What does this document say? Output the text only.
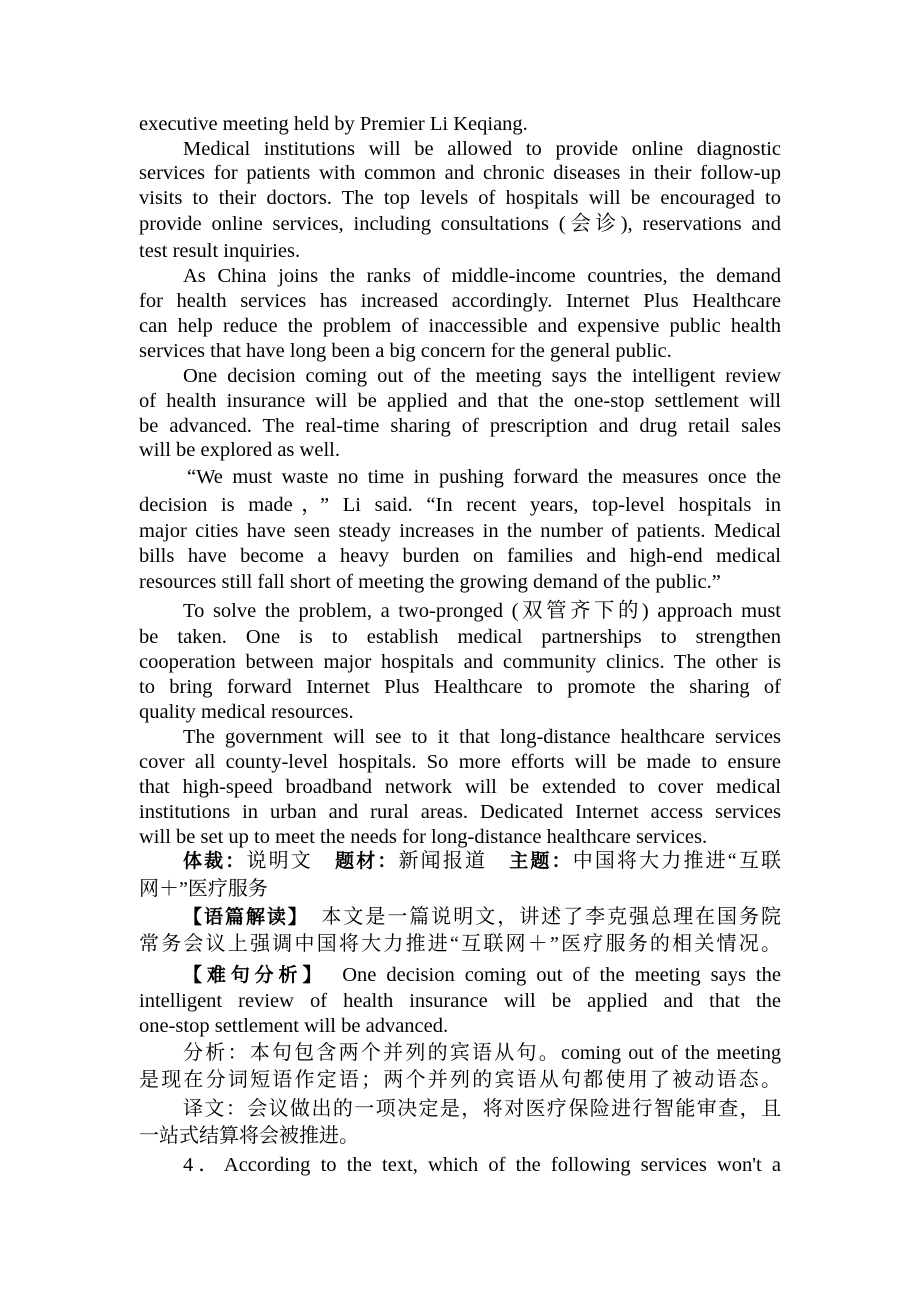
executive meeting held by Premier Li Keqiang.
Medical institutions will be allowed to provide online diagnostic
services for patients with common and chronic diseases in their follow-up
visits to their doctors. The top levels of hospitals will be encouraged to
provide online services, including consultations (会诊), reservations and
test result inquiries.
As China joins the ranks of middle-income countries, the demand
for health services has increased accordingly. Internet Plus Healthcare
can help reduce the problem of inaccessible and expensive public health
services that have long been a big concern for the general public.
One decision coming out of the meeting says the intelligent review
of health insurance will be applied and that the one-stop settlement will
be advanced. The real-time sharing of prescription and drug retail sales
will be explored as well.
“We must waste no time in pushing forward the measures once the
decision is made，” Li said. “In recent years, top-level hospitals in
major cities have seen steady increases in the number of patients. Medical
bills have become a heavy burden on families and high-end medical
resources still fall short of meeting the growing demand of the public.”
To solve the problem, a two-pronged (双管齐下的) approach must
be taken. One is to establish medical partnerships to strengthen
cooperation between major hospitals and community clinics. The other is
to bring forward Internet Plus Healthcare to promote the sharing of
quality medical resources.
The government will see to it that long-distance healthcare services
cover all county-level hospitals. So more efforts will be made to ensure
that high-speed broadband network will be extended to cover medical
institutions in urban and rural areas. Dedicated Internet access services
will be set up to meet the needs for long-distance healthcare services.
体裁：说明文　题材：新闻报道　主题：中国将大力推进“互联
网＋”医疗服务
【语篇解读】　本文是一篇说明文，讲述了李克强总理在国务院
常务会议上强调中国将大力推进“互联网＋”医疗服务的相关情况。
【难句分析】　One decision coming out of the meeting says the
intelligent review of health insurance will be applied and that the
one-stop settlement will be advanced.
分析：本句包含两个并列的宾语从句。coming out of the meeting
是现在分词短语作定语；两个并列的宾语从句都使用了被动语态。
译文：会议做出的一项决定是，将对医疗保险进行智能审查，且
一站式结算将会被推进。
4．According to the text, which of the following services won't a
